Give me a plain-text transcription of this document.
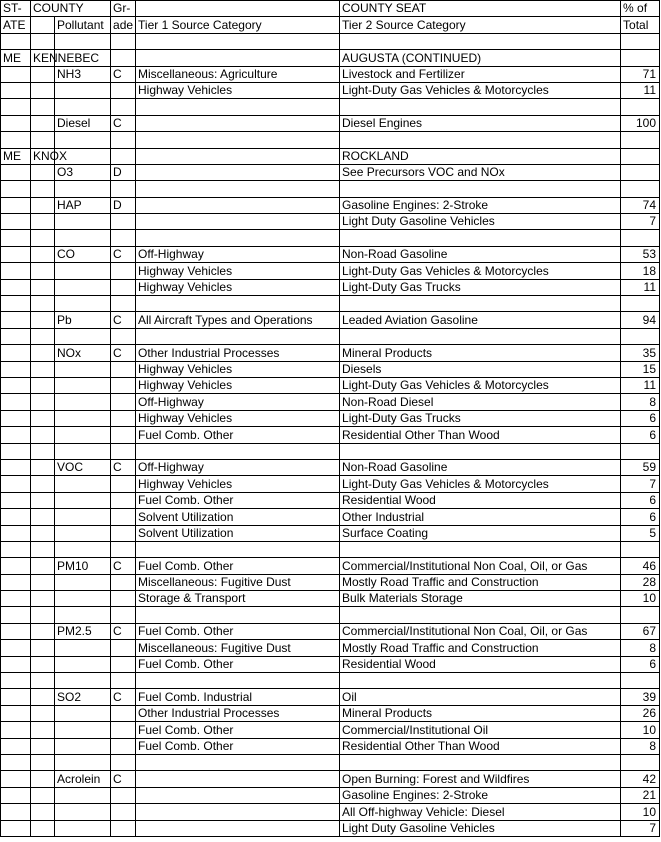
ST-	COUNTY		Gr-		COUNTY SEAT	% of
ATE		Pollutant	ade	Tier 1 Source Category	Tier 2 Source Category	Total

ME	KENNEBEC				AUGUSTA (CONTINUED)	
		NH3	C	Miscellaneous: Agriculture	Livestock and Fertilizer	71
				Highway Vehicles	Light-Duty Gas Vehicles & Motorcycles	11

		Diesel	C		Diesel Engines	100

ME	KNOX				ROCKLAND	
		O3	D		See Precursors VOC and NOx	

		HAP	D		Gasoline Engines: 2-Stroke	74
					Light Duty Gasoline Vehicles	7

		CO	C	Off-Highway	Non-Road Gasoline	53
				Highway Vehicles	Light-Duty Gas Vehicles & Motorcycles	18
				Highway Vehicles	Light-Duty Gas Trucks	11

		Pb	C	All Aircraft Types and Operations	Leaded Aviation Gasoline	94

		NOx	C	Other Industrial Processes	Mineral Products	35
				Highway Vehicles	Diesels	15
				Highway Vehicles	Light-Duty Gas Vehicles & Motorcycles	11
				Off-Highway	Non-Road Diesel	8
				Highway Vehicles	Light-Duty Gas Trucks	6
				Fuel Comb. Other	Residential Other Than Wood	6

		VOC	C	Off-Highway	Non-Road Gasoline	59
				Highway Vehicles	Light-Duty Gas Vehicles & Motorcycles	7
				Fuel Comb. Other	Residential Wood	6
				Solvent Utilization	Other Industrial	6
				Solvent Utilization	Surface Coating	5

		PM10	C	Fuel Comb. Other	Commercial/Institutional Non Coal, Oil, or Gas	46
				Miscellaneous: Fugitive Dust	Mostly Road Traffic and Construction	28
				Storage & Transport	Bulk Materials Storage	10

		PM2.5	C	Fuel Comb. Other	Commercial/Institutional Non Coal, Oil, or Gas	67
				Miscellaneous: Fugitive Dust	Mostly Road Traffic and Construction	8
				Fuel Comb. Other	Residential Wood	6

		SO2	C	Fuel Comb. Industrial	Oil	39
				Other Industrial Processes	Mineral Products	26
				Fuel Comb. Other	Commercial/Institutional Oil	10
				Fuel Comb. Other	Residential Other Than Wood	8

		Acrolein	C		Open Burning: Forest and Wildfires	42
					Gasoline Engines: 2-Stroke	21
					All Off-highway Vehicle: Diesel	10
					Light Duty Gasoline Vehicles	7
